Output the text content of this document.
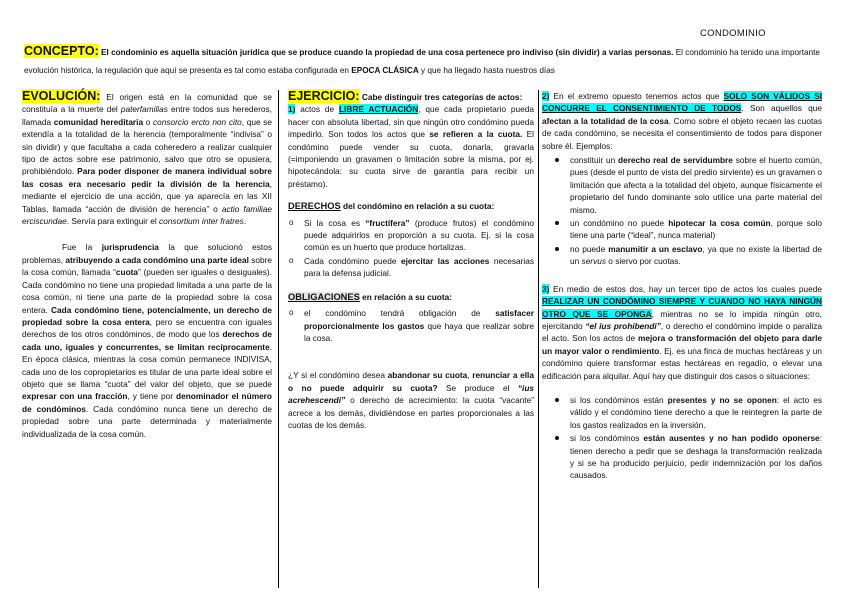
CONDOMINIO
CONCEPTO: El condominio es aquella situación jurídica que se produce cuando la propiedad de una cosa pertenece pro indiviso (sin dividir) a varias personas. El condominio ha tenido una importante evolución histórica, la regulación que aquí se presenta es tal como estaba configurada en EPOCA CLÁSICA y que ha llegado hasta nuestros días

EVOLUCIÓN: El origen está en la comunidad que se constituía a la muerte del paterfamilias entre todos sus herederos, llamada comunidad hereditaria o consorcio ercto non cito, que se extendía a la totalidad de la herencia (temporalmente “indivisa” o sin dividir) y que facultaba a cada coheredero a realizar cualquier tipo de actos sobre ese patrimonio, salvo que otro se opusiera, prohibiéndolo. Para poder disponer de manera individual sobre las cosas era necesario pedir la división de la herencia, mediante el ejercicio de una acción, que ya aparecía en las XII Tablas, llamada “acción de división de herencia” o actio familiae erciscundae. Servía para extinguir el consortium inter fratres.

Fue la jurisprudencia la que solucionó estos problemas, atribuyendo a cada condómino una parte ideal sobre la cosa común, llamada “cuota” (pueden ser iguales o desiguales). Cada condómino no tiene una propiedad limitada a una parte de la cosa común, ni tiene una parte de la propiedad sobre la cosa entera. Cada condómino tiene, potencialmente, un derecho de propiedad sobre la cosa entera, pero se encuentra con iguales derechos de los otros condóminos, de modo que los derechos de cada uno, iguales y concurrentes, se limitan recíprocamente. En época clásica, mientras la cosa común permanece INDIVISA, cada uno de los copropietarios es titular de una parte ideal sobre el objeto que se llama “cuota” del valor del objeto, que se puede expresar con una fracción, y tiene por denominador el número de condóminos. Cada condómino nunca tiene un derecho de propiedad sobre una parte determinada y materialmente individualizada de la cosa común.

EJERCICIO: Cabe distinguir tres categorías de actos:

1) actos de LIBRE ACTUACIÓN, que cada propietario pueda hacer con absoluta libertad, sin que ningún otro condómino pueda impedirlo. Son todos los actos que se refieren a la cuota. El condómino puede vender su cuota, donarla, gravarla (=imponiendo un gravamen o limitación sobre la misma, por ej. hipotecándola: su cuota sirve de garantía para recibir un préstamo).

DERECHOS del condómino en relación a su cuota:

o Si la cosa es “fructífera” (produce frutos) el condómino puede adquirirlos en proporción a su cuota. Ej. si la cosa común es un huerto que produce hortalizas.
o Cada condómino puede ejercitar las acciones necesarias para la defensa judicial.

OBLIGACIONES en relación a su cuota:

o el condómino tendrá obligación de satisfacer proporcionalmente los gastos que haya que realizar sobre la cosa.

¿Y si el condómino desea abandonar su cuota, renunciar a ella o no puede adquirir su cuota? Se produce el “ius acrehescendi” o derecho de acrecimiento: la cuota “vacante” acrece a los demás, dividiéndose en partes proporcionales a las cuotas de los demás.

2) En el extremo opuesto tenemos actos que SOLO SON VÁLIDOS SI CONCURRE EL CONSENTIMIENTO DE TODOS. Son aquellos que afectan a la totalidad de la cosa. Como sobre el objeto recaen las cuotas de cada condómino, se necesita el consentimiento de todos para disponer sobre él. Ejemplos:

constituir un derecho real de servidumbre sobre el huerto común, pues (desde el punto de vista del predio sirviente) es un gravamen o limitación que afecta a la totalidad del objeto, aunque físicamente el propietario del fundo dominante solo utilice una parte material del mismo.
un condómino no puede hipotecar la cosa común, porque solo tiene una parte (“ideal”, nunca material)
no puede manumitir a un esclavo, ya que no existe la libertad de un servus o siervo por cuotas.

3) En medio de estos dos, hay un tercer tipo de actos los cuales puede REALIZAR UN CONDÓMINO SIEMPRE Y CUANDO NO HAYA NINGÚN OTRO QUE SE OPONGA, mientras no se lo impida ningún otro, ejercitando “el ius prohibendi”, o derecho el condómino impide o paraliza el acto. Son los actos de mejora o transformación del objeto para darle un mayor valor o rendimiento. Ej. es una finca de muchas hectáreas y un condómino quiere transformar estas hectáreas en regadío, o elevar una edificación para alquilar. Aquí hay que distinguir dos casos o situaciones:

si los condóminos están presentes y no se oponen: el acto es válido y el condómino tiene derecho a que le reintegren la parte de los gastos realizados en la inversión.
si los condóminos están ausentes y no han podido oponerse: tienen derecho a pedir que se deshaga la transformación realizada y si se ha producido perjuicio, pedir indemnización por los daños causados.
